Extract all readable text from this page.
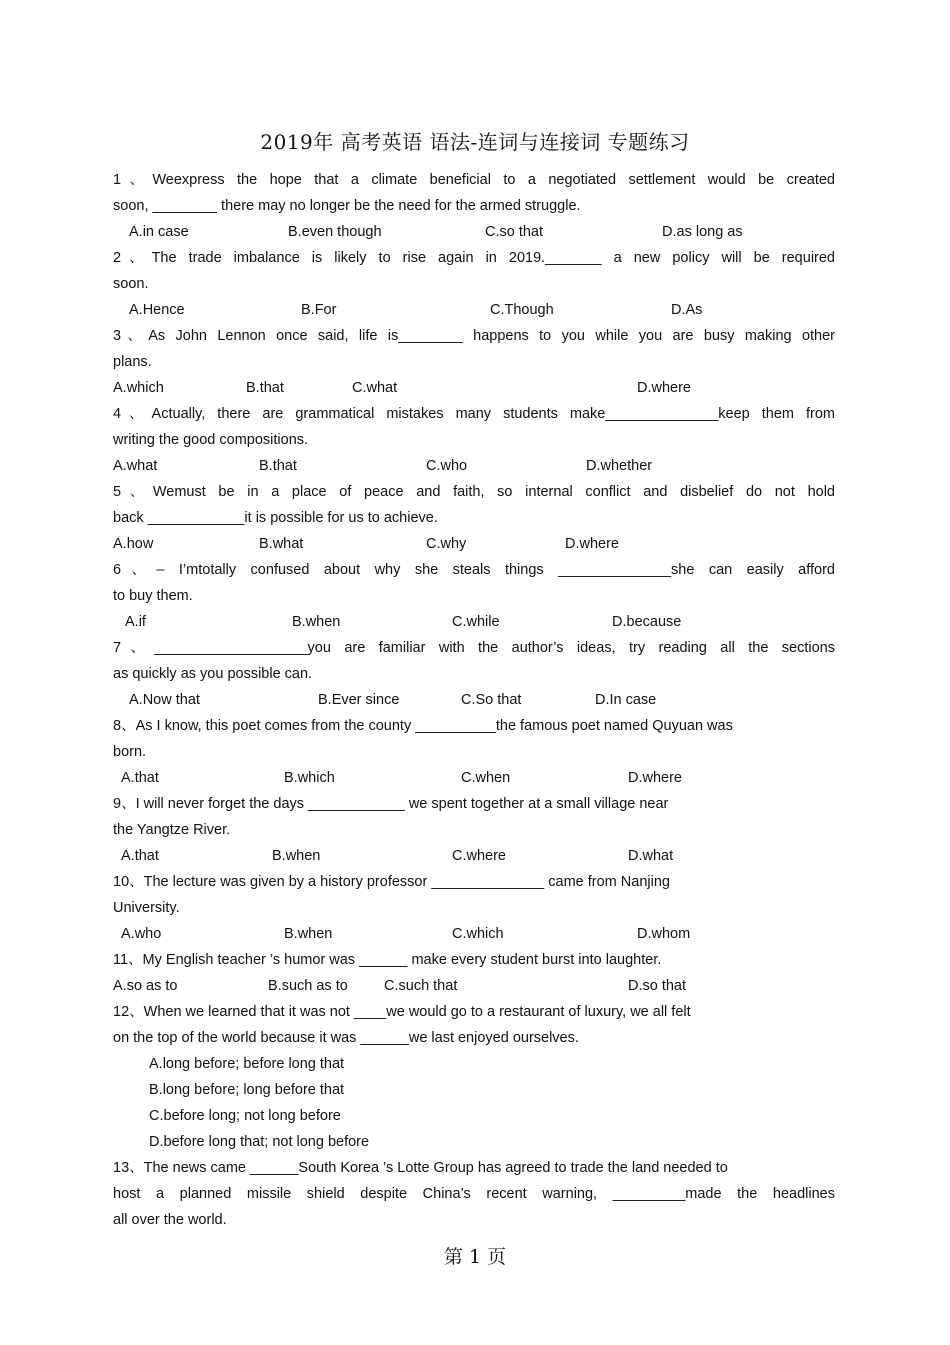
2019年 高考英语 语法-连词与连接词 专题练习
1、Weexpress the hope that a climate beneficial to a negotiated settlement would be created
soon, ________ there may no longer be the need for the armed struggle.
A.in case	B.even though	C.so that	D.as long as
2、The trade imbalance is likely to rise again in 2019._______ a new policy will be required
soon.
A.Hence	B.For	C.Though	D.As
3、As John Lennon once said, life is________ happens to you while you are busy making other
plans.
A.which	B.that	C.what	D.where
4、Actually, there are grammatical mistakes many students make______________keep them from
writing the good compositions.
A.what	B.that	C.who	D.whether
5、Wemust be in a place of peace and faith, so internal conflict and disbelief do not hold
back ____________it is possible for us to achieve.
A.how	B.what	C.why	D.where
6、– I’mtotally confused about why she steals things ______________she can easily afford
to buy them.
A.if	B.when	C.while	D.because
7、___________________you are familiar with the author’s ideas, try reading all the sections
as quickly as you possible can.
A.Now that	B.Ever since	C.So that	D.In case
8、As I know, this poet comes from the county __________the famous poet named Quyuan was
born.
A.that	B.which	C.when	D.where
9、I will never forget the days ____________ we spent together at a small village near
the Yangtze River.
A.that	B.when	C.where	D.what
10、The lecture was given by a history professor ______________ came from Nanjing
University.
A.who	B.when	C.which	D.whom
11、My English teacher ’s humor was ______ make every student burst into laughter.
A.so as to	B.such as to C.such that	D.so that
12、When we learned that it was not ____we would go to a restaurant of luxury, we all felt
on the top of the world because it was ______we last enjoyed ourselves.
A.long before; before long that
B.long before; long before that
C.before long; not long before
D.before long that; not long before
13、The news came ______South Korea ’s Lotte Group has agreed to trade the land needed to
host a planned missile shield despite China’s recent warning, _________made the headlines
all over the world.
第 1 页
